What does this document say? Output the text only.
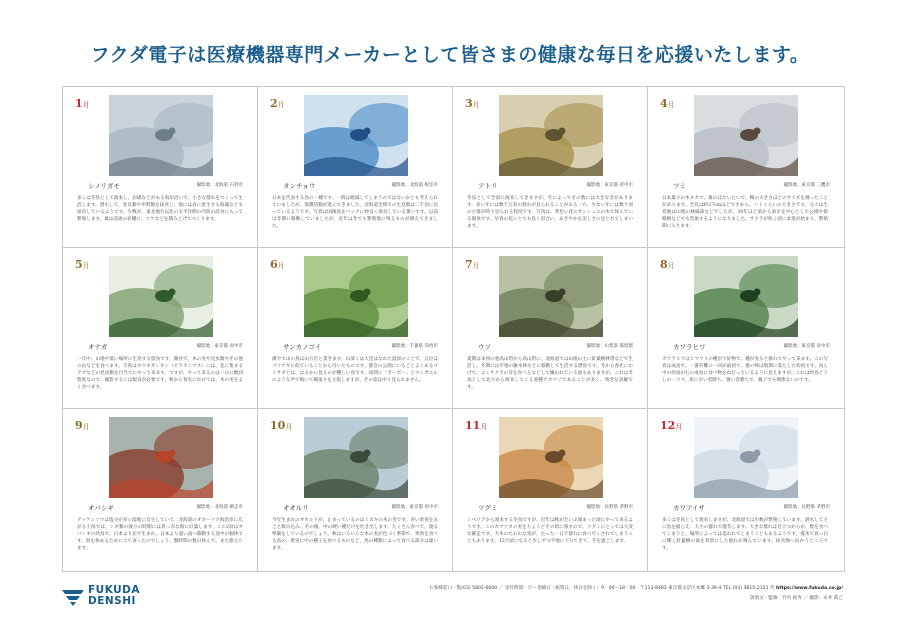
フクダ電子は医療機器専門メーカーとして皆さまの健康な毎日を応援いたします。
1月
シノリガモ	撮影地：北海道 石狩市
多くは冬鳥として渡来し、岩礁などがある海岸沿いで、小さな群れをつくって生活します。潜水して、巻貝類や甲殻類を採食し、他には岩に着生する海藻なども採食しているようです。少数が、東北地方以北の太平洋側の内陸の渓谷に入って繁殖します。巣は渓流の岩棚に、コケなどを積み上げてつくります。
2月
タンチョウ	撮影地：北海道 根室市
日本を代表する鳥の一種です。一時は絶滅してしまうのではないかとも考えられていましたが、保護活動が進んできました。北海道全域での生息数は二千羽に迫っているようです。写真は国後島をバックに仲良く採食している番いです。以前は冬期に移動していましたが、近年は冬でも繁殖地に残るものが増えてきました。
3月
アトリ	撮影地：東京都 府中市
冬鳥として全国に渡来してきますが、年によってその数には大きな差があります。多い年には数千万羽の群れが見られることがある一方、少ない年には数十羽の小群が時々見られる程度です。写真は、黄色い花のサンシュユの木で休んでいる個体です。早春の花にとても良く似合い、あざやかな美しさに見とれてしまいます。
4月
ツミ	撮影地：東京都 三鷹市
日本最小の木タカで、雄のはだいたいで、鴨の大きさほどのサイズを測ったことがあります。全長は約27cmほどですから、ハトぐらいの大きさです。元々は生息地は山地の林縁部などでしたが、30年ほど前から東京を中心とした公園や街路樹などでも営巣するようになりました。サクラが咲く頃に求愛が始まり、繁殖期に入ります。
5月
オナガ	撮影地：東京都 府中市
一年中、山地や低い場所に生息する留鳥です。雑食で、木の実や昆虫類やその他の虫などを食べます。写真はホウキギンギン（ビラカンサス）には、花に集まるアブなどの昆虫類を目当てにやって来ます。ですが、やって来るのは一日に数回程度なので、撮影するには根気が必要です。秋から春先にかけては、木の実をよく食べます。
6月
サンカノゴイ	撮影地：千葉県 印西市
漢字で山の鳥は山五位と書きます。山深くは人里はなれた湿原のことで、五位はゴイサギに似ていることから付いたものです。都会の公園にいるごとよくあるゴイサギとは、はるかに見るのが難しい鳥です。夜間に「ボーボー」とウシガエルのような声で鳴いて縄張りを主張しますが、その姿は中々見られません。
7月
ウソ	撮影地：山梨県 都留郡
夏期は本州の亜高山帯から高山帯に、北海道では山地の主に針葉樹林帯などで生活し、冬期には平地の雑木林などに移動して生活する漂鳥です。冬から春先にかけて、よくサクラの芽を食べるなどして嫌われている面もありますが、これは冬鳥として北方から渡来してくる亜種アカウソであることが多く、残念な誤解です。
8月
カワラヒワ	撮影地：東京都 府中市
カワラヒワはヒマワリの種が大好物で、種が実ると群れでやって来ます。この写真は成鳥で、一番有難の一回が最初で、番の卵は殖期に落たした幼鳥です。真ん中の幼鳥が右の成鳥に食べ物をねだっているように見えますが、これは幼鳥どうしの一コマ。窓に早い者勝ち、強い者勝ちで、親子でも関係ないのです。
9月
オバシギ	撮影地：北海道 網走市
アッケシソウは塩分が多い湿地に自生していて、北海道のオホーツク海沿岸に広がる干潟では、シギ類の渡りの時期には真っ赤な海に紅葉します。この2羽はオバシギの幼鳥で、日本より北で生まれ、日本より遠い南へ移動する途中の個体です。羽を休めるために立ち寄ったのでしょう。数時間の数日休んで、また旅立ちます。
10月
オオルリ	撮影地：東京都 府中市
今年生まれのオオルリが、止まっているのはミズキの木の実です。赤い果実を丸ごと飲み込み、その後、中の硬い種だけを吐き出します。たくさん食べて、渡る準備をしているのでしょう。秋はいろいろな木の実が色づく季節で、果肉を食べる鳥の、果実に中の種子を食べるものなど、鳥の種類によって食べる部分は違います。
11月
ツグミ	撮影地：長野県 茅野市
シベリアから渡来する冬鳥ですが、近年は秋がだいぶ深まった頃にやって来るようです。このカマツカの実をちょうどその頃に熟すので、ツグミにとっては大変な御走です。大木のたわわな実が、たった一日で群れに食べ尽くされてしまうこともあります。12月頃になると少しずつ平地に下りてきて、冬を過ごします。
12月
カワアイサ	撮影地：長野県 茅野市
多くは冬鳥として渡来しますが、北海道では少数が繁殖しています。潜水して主に魚を捕らえ、大小の群れで越冬します。大きな群れは目立つからか、数を食べてしまうと、場所によっては追われてしまうこともあるようです。霧氷で真っ白に輝く針葉樹の森を背景にした群れが飛んでいます。採食地へ向かうところです。
FUKUDA
DENSHI
お客様窓口一覧(03) 5802-6600 ／ 受付時間：月〜金曜日（祝祭日、休日を除く）9：00〜18：00　〒113-8483 東京都文京区本郷 3-39-4 TEL (03) 3815-2121 代 https://www.fukuda.co.jp/
説明文・監修：竹内 裕寿 ／ 撮影：永井 眞己
